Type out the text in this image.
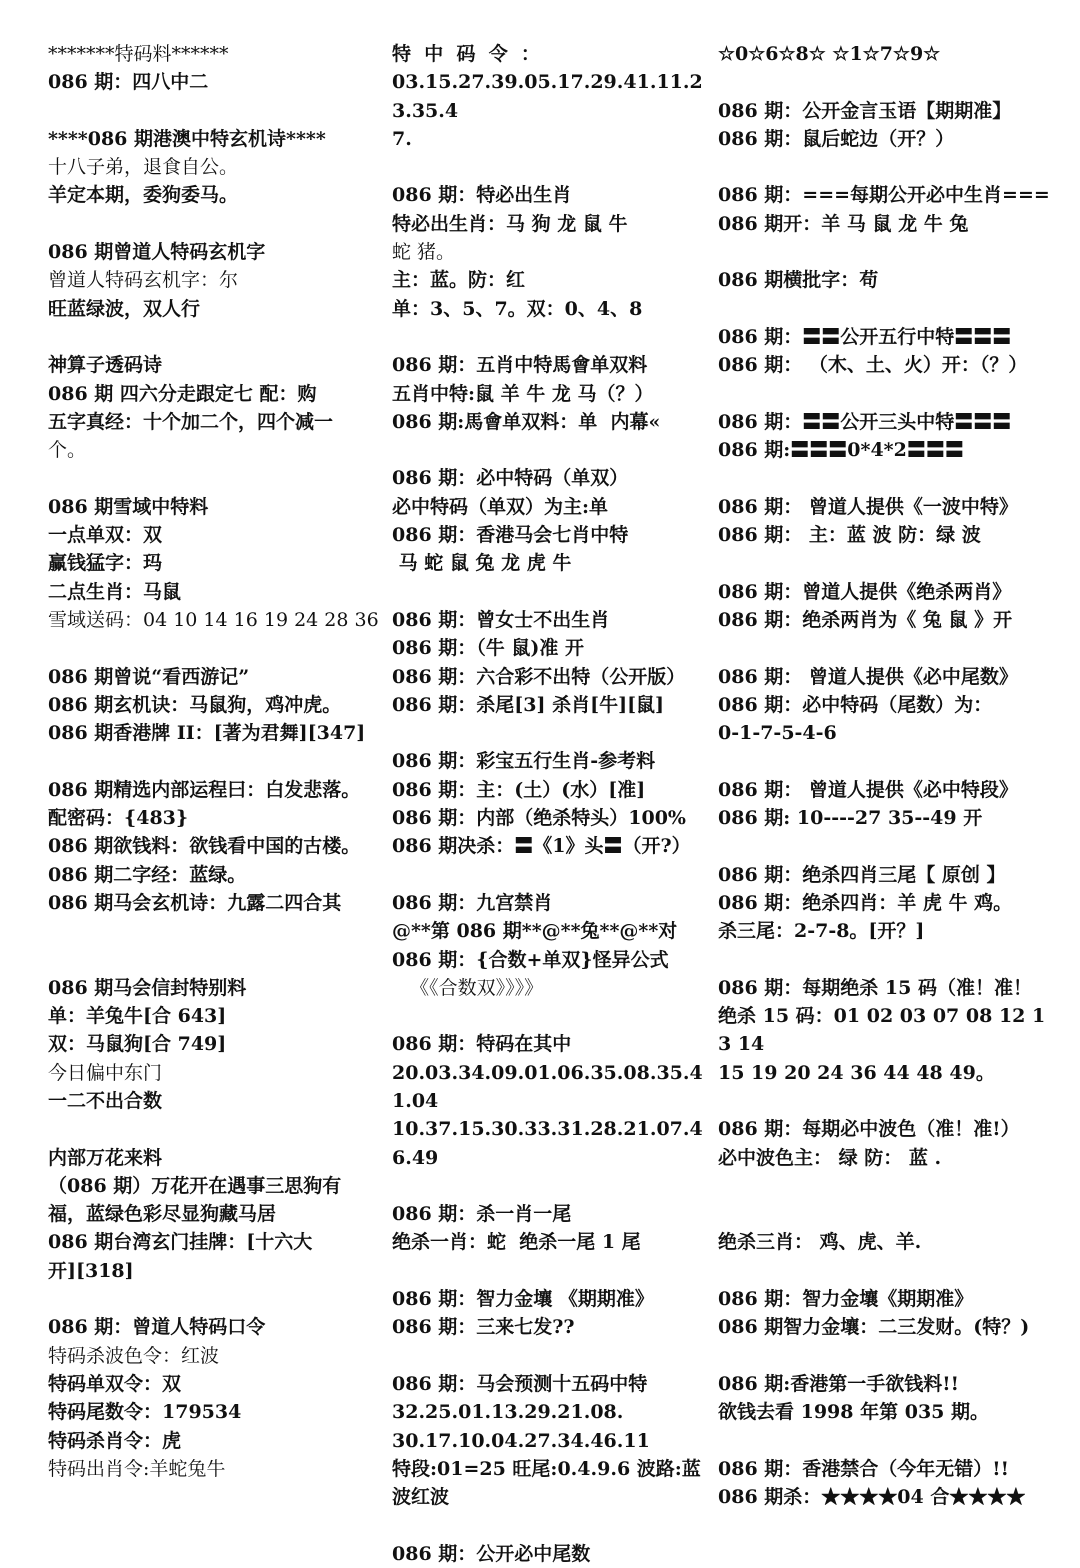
*******特码料******
086 期：四八中二
****086 期港澳中特玄机诗****
十八子弟，退食自公。
羊定本期，委狗委马。
086 期曾道人特码玄机字
曾道人特码玄机字：尔
旺蓝绿波，双人行
神算子透码诗
086 期 四六分走跟定七 配：购
五字真经：十个加二个，四个减一
个。
086 期雪域中特料
一点单双：双
赢钱猛字：玛
二点生肖：马鼠
雪域送码：04 10 14 16 19 24 28 36
086 期曾说“看西游记”
086 期玄机诀：马鼠狗，鸡冲虎。
086 期香港牌 II：[著为君舞][347]
086 期精选内部运程曰：白发悲落。
配密码：{483}
086 期欲钱料：欲钱看中国的古楼。
086 期二字经：蓝绿。
086 期马会玄机诗：九露二四合其
086 期马会信封特别料
单：羊兔牛[合 643]
双：马鼠狗[合 749]
今日偏中东门
一二不出合数
内部万花来料
（086 期）万花开在遇事三思狗有
福，蓝绿色彩尽显狗藏马居
086 期台湾玄门挂牌：[十六大
开][318]
086 期：曾道人特码口令
特码杀波色令：红波
特码单双令：双
特码尾数令：179534
特码杀肖令：虎
特码出肖令:羊蛇兔牛
特  中  码  令  ：
03.15.27.39.05.17.29.41.11.23.35.4
7.
086 期：特必出生肖
特必出生肖：马 狗 龙 鼠 牛
蛇 猪。
主：蓝。防：红
单：3、5、7。双：0、4、8
086 期：五肖中特馬會单双料
五肖中特:鼠 羊 牛 龙 马（？）
086 期:馬會单双料：单  内幕«
086 期：必中特码（单双）
必中特码（单双）为主:单
086 期：香港马会七肖中特
马 蛇 鼠 兔 龙 虎 牛
086 期：曾女士不出生肖
086 期：（牛 鼠)准 开
086 期：六合彩不出特（公开版）
086 期：杀尾[3] 杀肖[牛][鼠]
086 期：彩宝五行生肖-参考料
086 期：主：(土）(水）[准]
086 期：内部（绝杀特头）100%
086 期决杀：〓《1》头〓（开?）
086 期：九宫禁肖
@**第 086 期**@**兔**@**对
086 期：{合数+单双}怪异公式
《《合数双》》》》
086 期：特码在其中
20.03.34.09.01.06.35.08.35.41.04
10.37.15.30.33.31.28.21.07.46.49
086 期：杀一肖一尾
绝杀一肖：蛇  绝杀一尾 1 尾
086 期：智力金壤 《期期准》
086 期：三来七发??
086 期：马会预测十五码中特
32.25.01.13.29.21.08.
30.17.10.04.27.34.46.11
特段:01=25 旺尾:0.4.9.6 波路:蓝
波红波
086 期：公开必中尾数
☆0☆6☆8☆ ☆1☆7☆9☆
086 期：公开金言玉语【期期准】
086 期：鼠后蛇边（开？）
086 期：===每期公开必中生肖===
086 期开：羊 马 鼠 龙 牛 兔
086 期横批字：苟
086 期：〓〓公开五行中特〓〓〓
086 期： （木、土、火）开：（？）
086 期：〓〓公开三头中特〓〓〓
086 期:〓〓〓0*4*2〓〓〓
086 期： 曾道人提供《一波中特》
086 期： 主：蓝 波 防：绿 波
086 期：曾道人提供《绝杀两肖》
086 期：绝杀两肖为《 兔 鼠 》开
086 期： 曾道人提供《必中尾数》
086 期：必中特码（尾数）为：
0-1-7-5-4-6
086 期： 曾道人提供《必中特段》
086 期: 10----27 35--49 开
086 期：绝杀四肖三尾【 原创 】
086 期：绝杀四肖：羊 虎 牛 鸡。
杀三尾：2-7-8。[开？]
086 期：每期绝杀 15 码（准！准！
绝杀 15 码：01 02 03 07 08 12 13 14
15 19 20 24 36 44 48 49。
086 期：每期必中波色（准！准!）
必中波色主： 绿 防： 蓝 .
绝杀三肖： 鸡、虎、羊.
086 期：智力金壤《期期准》
086 期智力金壤：二三发财。(特？)
086 期:香港第一手欲钱料!!
欲钱去看 1998 年第 035 期。
086 期：香港禁合（今年无错）!!
086 期杀：★★★★04 合★★★★
